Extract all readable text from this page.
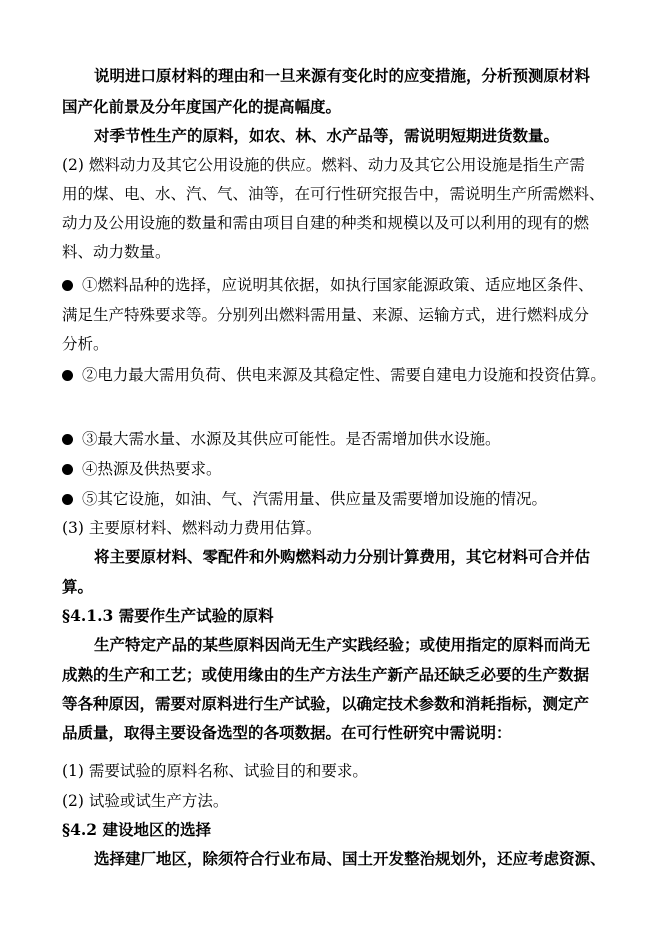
说明进口原材料的理由和一旦来源有变化时的应变措施，分析预测原材料
国产化前景及分年度国产化的提高幅度。
对季节性生产的原料，如农、林、水产品等，需说明短期进货数量。
(2) 燃料动力及其它公用设施的供应。燃料、动力及其它公用设施是指生产需
用的煤、电、水、汽、气、油等，在可行性研究报告中，需说明生产所需燃料、
动力及公用设施的数量和需由项目自建的种类和规模以及可以利用的现有的燃
料、动力数量。
①燃料品种的选择，应说明其依据，如执行国家能源政策、适应地区条件、
满足生产特殊要求等。分别列出燃料需用量、来源、运输方式，进行燃料成分
分析。
②电力最大需用负荷、供电来源及其稳定性、需要自建电力设施和投资估算。
③最大需水量、水源及其供应可能性。是否需增加供水设施。
④热源及供热要求。
⑤其它设施，如油、气、汽需用量、供应量及需要增加设施的情况。
(3) 主要原材料、燃料动力费用估算。
将主要原材料、零配件和外购燃料动力分别计算费用，其它材料可合并估
算。
§4.1.3 需要作生产试验的原料
生产特定产品的某些原料因尚无生产实践经验；或使用指定的原料而尚无
成熟的生产和工艺；或使用缘由的生产方法生产新产品还缺乏必要的生产数据
等各种原因，需要对原料进行生产试验，以确定技术参数和消耗指标，测定产
品质量，取得主要设备选型的各项数据。在可行性研究中需说明：
(1) 需要试验的原料名称、试验目的和要求。
(2) 试验或试生产方法。
§4.2 建设地区的选择
选择建厂地区，除须符合行业布局、国土开发整治规划外，还应考虑资源、
